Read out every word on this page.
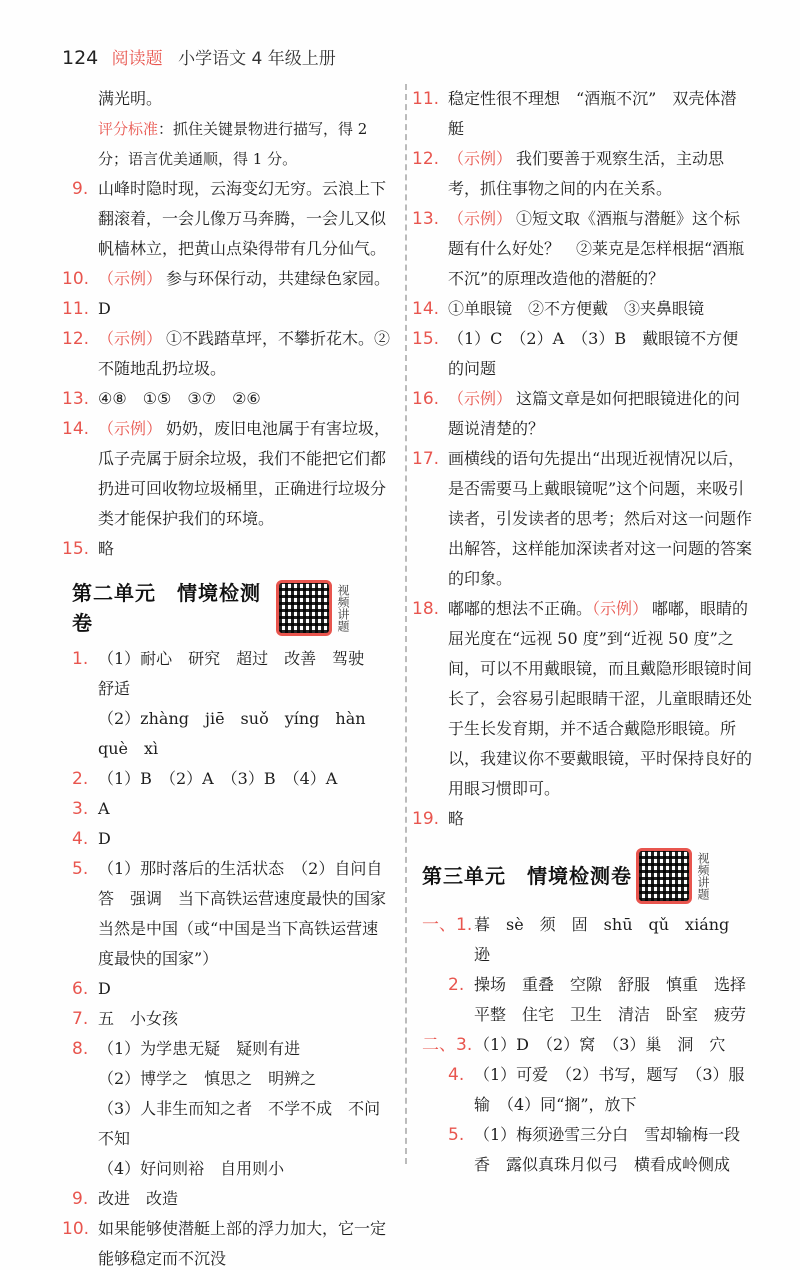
124 阅读题 小学语文 4 年级上册

满光明。

评分标准：抓住关键景物进行描写，得 2 分；语言优美通顺，得 1 分。

9. 山峰时隐时现，云海变幻无穷。云浪上下翻滚着，一会儿像万马奔腾，一会儿又似帆樯林立，把黄山点染得带有几分仙气。

10. （示例） 参与环保行动，共建绿色家园。

11. D

12. （示例） ①不践踏草坪，不攀折花木。②不随地乱扔垃圾。

13. ④⑧　①⑤　③⑦　②⑥

14. （示例） 奶奶，废旧电池属于有害垃圾，瓜子壳属于厨余垃圾，我们不能把它们都扔进可回收物垃圾桶里，正确进行垃圾分类才能保护我们的环境。

15. 略

第二单元　情境检测卷	视频讲题

1. （1）耐心　研究　超过　改善　驾驶　舒适

（2）zhàng　jiē　suǒ　yíng　hàn　què　xì

2. （1）B　（2）A　（3）B　（4）A

3. A

4. D

5. （1）那时落后的生活状态　（2）自问自答　强调　当下高铁运营速度最快的国家当然是中国（或“中国是当下高铁运营速度最快的国家”）

6. D

7. 五　小女孩

8. （1）为学患无疑　疑则有进

（2）博学之　慎思之　明辨之

（3）人非生而知之者　不学不成　不问不知

（4）好问则裕　自用则小

9. 改进　改造

10. 如果能够使潜艇上部的浮力加大，它一定能够稳定而不沉没

11. 稳定性很不理想　“酒瓶不沉”　双壳体潜艇

12. （示例） 我们要善于观察生活，主动思考，抓住事物之间的内在关系。

13. （示例） ①短文取《酒瓶与潜艇》这个标题有什么好处？　②莱克是怎样根据“酒瓶不沉”的原理改造他的潜艇的？

14. ①单眼镜　②不方便戴　③夹鼻眼镜

15. （1）C　（2）A　（3）B　戴眼镜不方便的问题

16. （示例） 这篇文章是如何把眼镜进化的问题说清楚的？

17. 画横线的语句先提出“出现近视情况以后，是否需要马上戴眼镜呢”这个问题，来吸引读者，引发读者的思考；然后对这一问题作出解答，这样能加深读者对这一问题的答案的印象。

18. 嘟嘟的想法不正确。（示例） 嘟嘟，眼睛的屈光度在“远视 50 度”到“近视 50 度”之间，可以不用戴眼镜，而且戴隐形眼镜时间长了，会容易引起眼睛干涩，儿童眼睛还处于生长发育期，并不适合戴隐形眼镜。所以，我建议你不要戴眼镜，平时保持良好的用眼习惯即可。

19. 略

第三单元　情境检测卷	视频讲题

一、1. 暮　sè　须　固　shū　qǔ　xiáng　逊

2. 操场　重叠　空隙　舒服　慎重　选择　平整　住宅　卫生　清洁　卧室　疲劳

二、3. （1）D　（2）窝　（3）巢　洞　穴

4. （1）可爱　（2）书写，题写　（3）服输　（4）同“搁”，放下

5. （1）梅须逊雪三分白　雪却输梅一段香　露似真珠月似弓　横看成岭侧成
